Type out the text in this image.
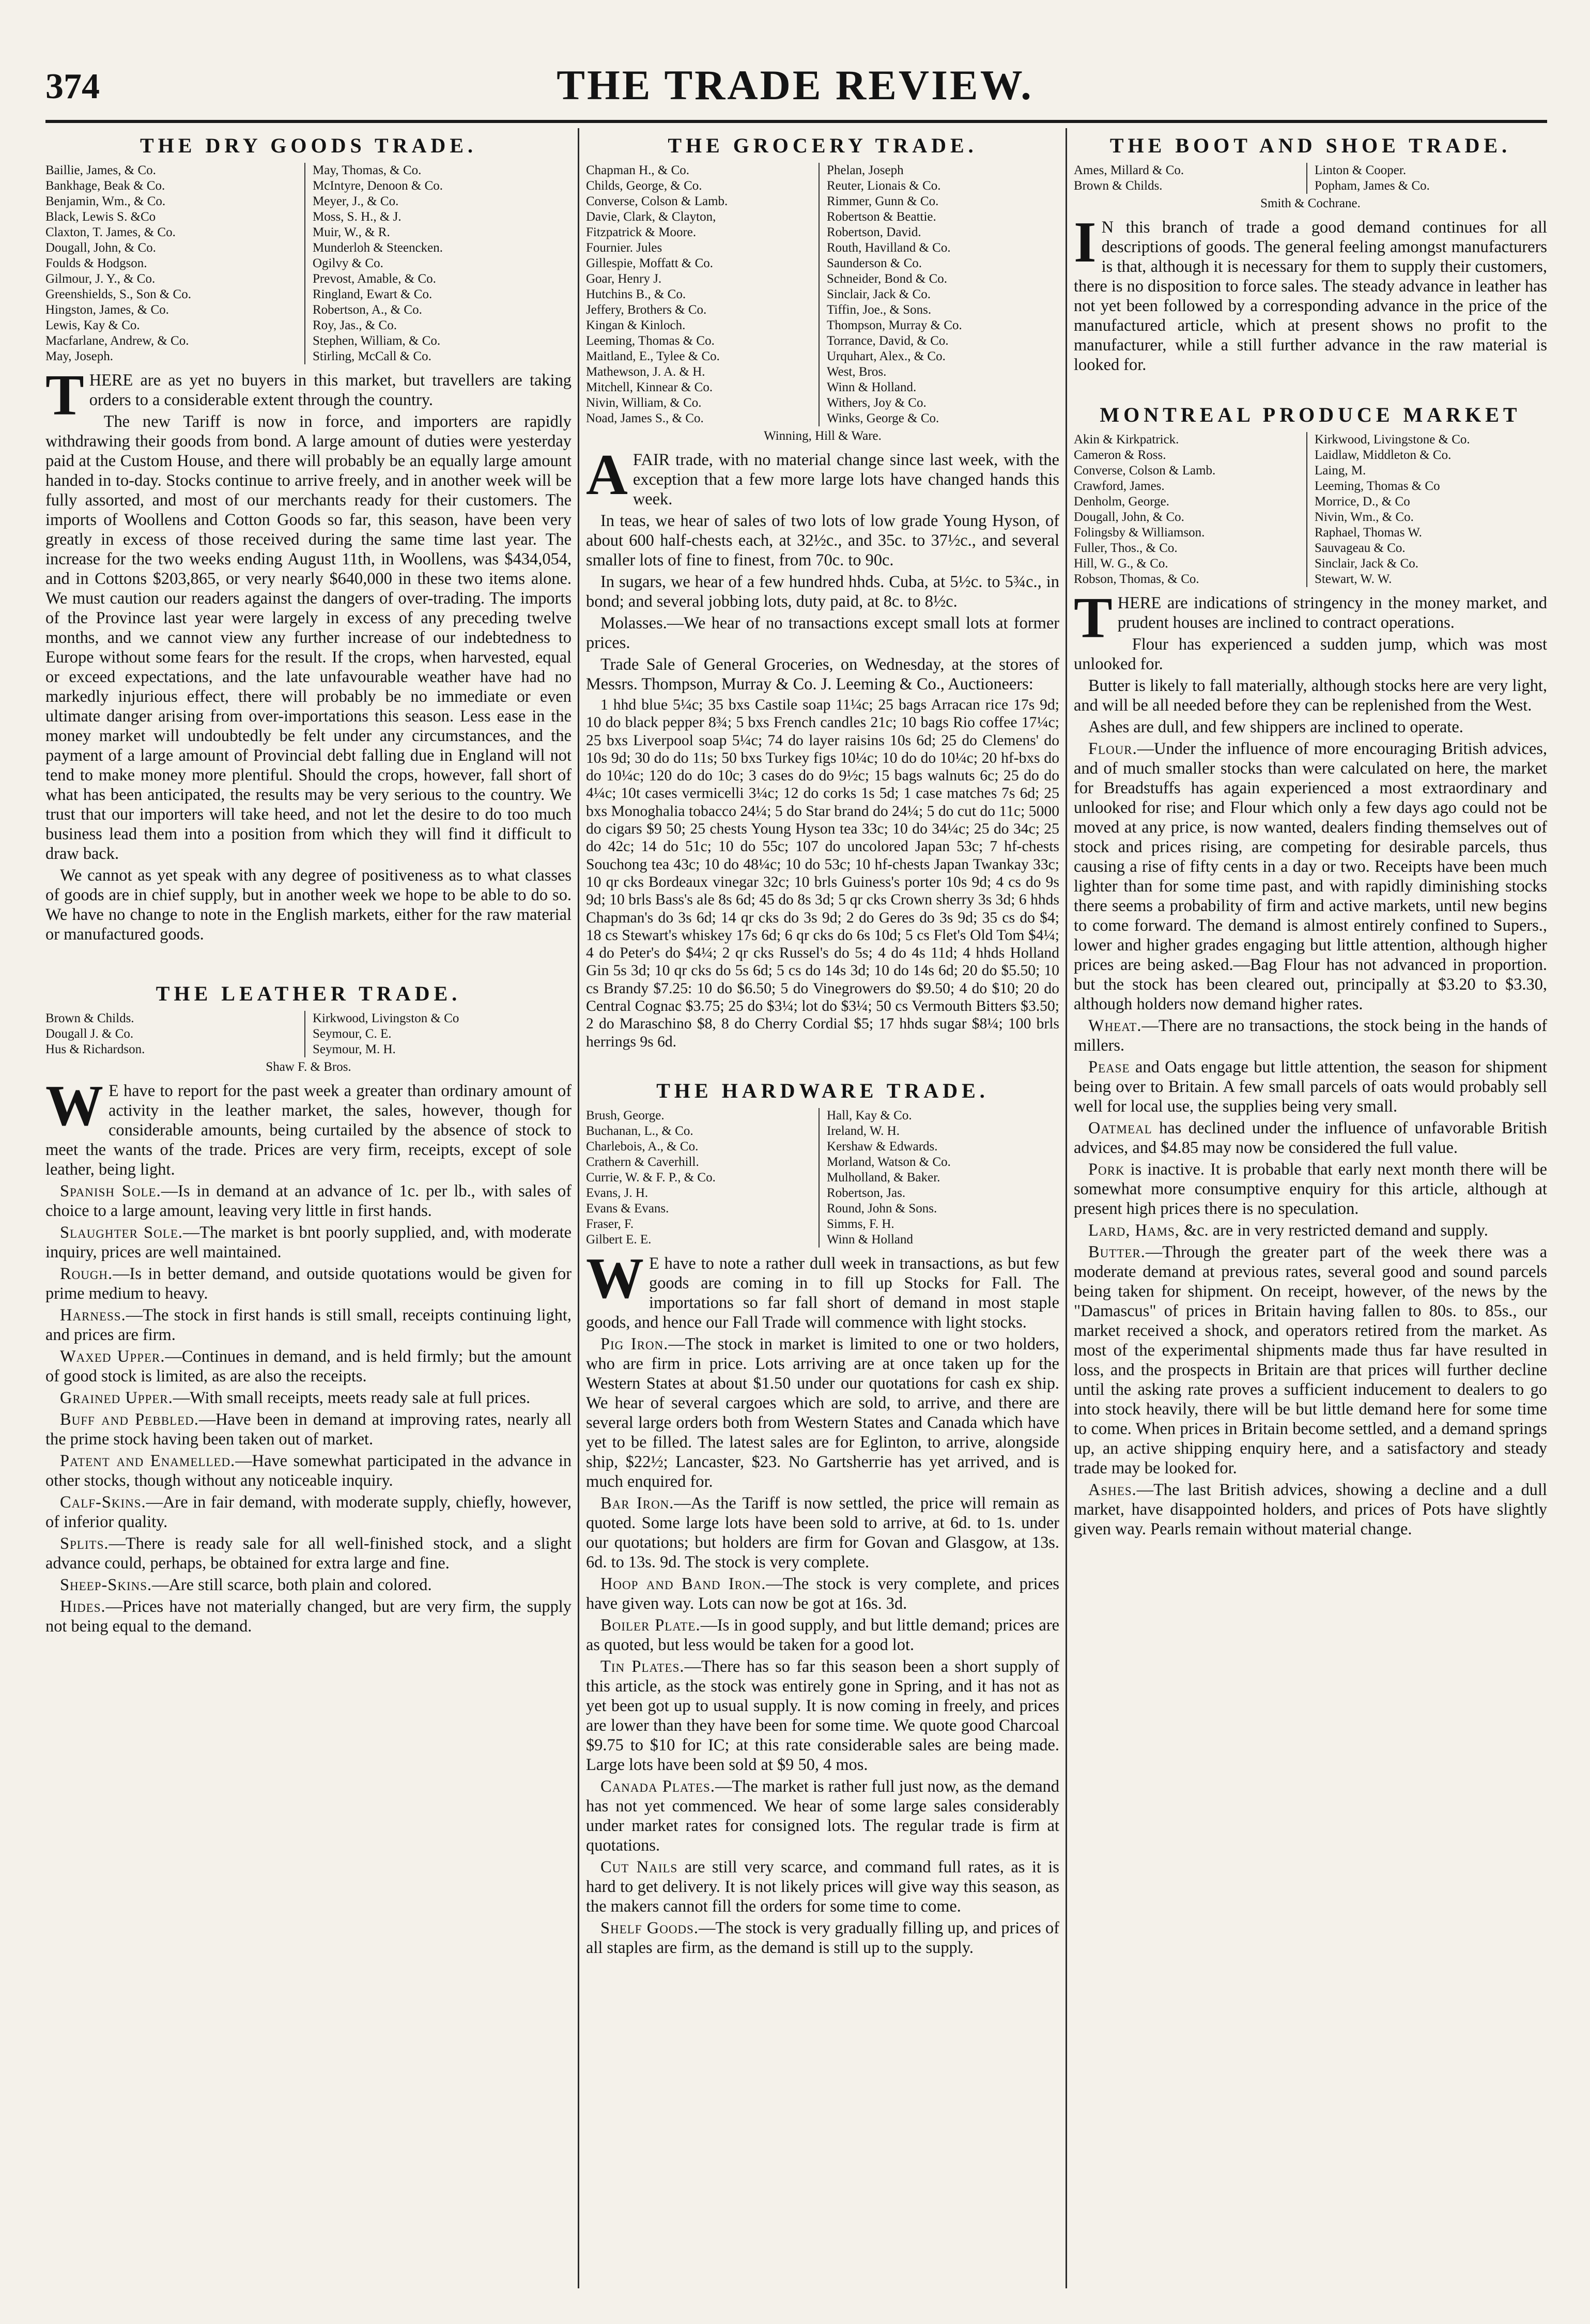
374	THE TRADE REVIEW.
THE DRY GOODS TRADE.
Baillie, James, & Co.
Bankhage, Beak & Co.
Benjamin, Wm., & Co.
Black, Lewis S. &Co
Claxton, T. James, & Co.
Dougall, John, & Co.
Foulds & Hodgson.
Gilmour, J. Y., & Co.
Greenshields, S., Son & Co.
Hingston, James, & Co.
Lewis, Kay & Co.
Macfarlane, Andrew, & Co.
May, Joseph.
May, Thomas, & Co.
McIntyre, Denoon & Co.
Meyer, J., & Co.
Moss, S. H., & J.
Muir, W., & R.
Munderloh & Steencken.
Ogilvy & Co.
Prevost, Amable, & Co.
Ringland, Ewart & Co.
Robertson, A., & Co.
Roy, Jas., & Co.
Stephen, William, & Co.
Stirling, McCall & Co.

THERE are as yet no buyers in this market, but travellers are taking orders to a considerable extent through the country.

The new Tariff is now in force, and importers are rapidly withdrawing their goods from bond. A large amount of duties were yesterday paid at the Custom House, and there will probably be an equally large amount handed in to-day. Stocks continue to arrive freely, and in another week will be fully assorted, and most of our merchants ready for their customers. The imports of Woollens and Cotton Goods so far, this season, have been very greatly in excess of those received during the same time last year. The increase for the two weeks ending August 11th, in Woollens, was $434,054, and in Cottons $203,865, or very nearly $640,000 in these two items alone. We must caution our readers against the dangers of over-trading. The imports of the Province last year were largely in excess of any preceding twelve months, and we cannot view any further increase of our indebtedness to Europe without some fears for the result. If the crops, when harvested, equal or exceed expectations, and the late unfavourable weather have had no markedly injurious effect, there will probably be no immediate or even ultimate danger arising from over-importations this season. Less ease in the money market will undoubtedly be felt under any circumstances, and the payment of a large amount of Provincial debt falling due in England will not tend to make money more plentiful. Should the crops, however, fall short of what has been anticipated, the results may be very serious to the country. We trust that our importers will take heed, and not let the desire to do too much business lead them into a position from which they will find it difficult to draw back.

We cannot as yet speak with any degree of positiveness as to what classes of goods are in chief supply, but in another week we hope to be able to do so. We have no change to note in the English markets, either for the raw material or manufactured goods.

THE LEATHER TRADE.
Brown & Childs.
Dougall J. & Co.
Hus & Richardson.
Kirkwood, Livingston & Co
Seymour, C. E.
Seymour, M. H.
Shaw F. & Bros.

W E have to report for the past week a greater than ordinary amount of activity in the leather market, the sales, however, though for considerable amounts, being curtailed by the absence of stock to meet the wants of the trade. Prices are very firm, receipts, except of sole leather, being light.

Spanish Sole.—Is in demand at an advance of 1c. per lb., with sales of choice to a large amount, leaving very little in first hands.

Slaughter Sole.—The market is bnt poorly supplied, and, with moderate inquiry, prices are well maintained.

Rough.—Is in better demand, and outside quotations would be given for prime medium to heavy.

Harness.—The stock in first hands is still small, receipts continuing light, and prices are firm.

Waxed Upper.—Continues in demand, and is held firmly; but the amount of good stock is limited, as are also the receipts.

Grained Upper.—With small receipts, meets ready sale at full prices.

Buff and Pebbled.—Have been in demand at improving rates, nearly all the prime stock having been taken out of market.

Patent and Enamelled.—Have somewhat participated in the advance in other stocks, though without any noticeable inquiry.

Calf-Skins.—Are in fair demand, with moderate supply, chiefly, however, of inferior quality.

Splits.—There is ready sale for all well-finished stock, and a slight advance could, perhaps, be obtained for extra large and fine.

Sheep-Skins.—Are still scarce, both plain and colored.

Hides.—Prices have not materially changed, but are very firm, the supply not being equal to the demand.

THE GROCERY TRADE.
Chapman H., & Co.
Childs, George, & Co.
Converse, Colson & Lamb.
Davie, Clark, & Clayton,
Fitzpatrick & Moore.
Fournier. Jules
Gillespie, Moffatt & Co.
Goar, Henry J.
Hutchins B., & Co.
Jeffery, Brothers & Co.
Kingan & Kinloch.
Leeming, Thomas & Co.
Maitland, E., Tylee & Co.
Mathewson, J. A. & H.
Mitchell, Kinnear & Co.
Nivin, William, & Co.
Noad, James S., & Co.
Phelan, Joseph
Reuter, Lionais & Co.
Rimmer, Gunn & Co.
Robertson & Beattie.
Robertson, David.
Routh, Havilland & Co.
Saunderson & Co.
Schneider, Bond & Co.
Sinclair, Jack & Co.
Tiffin, Joe., & Sons.
Thompson, Murray & Co.
Torrance, David, & Co.
Urquhart, Alex., & Co.
West, Bros.
Winn & Holland.
Withers, Joy & Co.
Winks, George & Co.
Winning, Hill & Ware.

AFAIR trade, with no material change since last week, with the exception that a few more large lots have changed hands this week.

In teas, we hear of sales of two lots of low grade Young Hyson, of about 600 half-chests each, at 32½c., and 35c. to 37½c., and several smaller lots of fine to finest, from 70c. to 90c.

In sugars, we hear of a few hundred hhds. Cuba, at 5½c. to 5¾c., in bond; and several jobbing lots, duty paid, at 8c. to 8½c.

Molasses.—We hear of no transactions except small lots at former prices.

Trade Sale of General Groceries, on Wednesday, at the stores of Messrs. Thompson, Murray & Co. J. Leeming & Co., Auctioneers:

1 hhd blue 5¼c; 35 bxs Castile soap 11¼c; 25 bags Arracan rice 17s 9d; 10 do black pepper 8¾; 5 bxs French candles 21c; 10 bags Rio coffee 17¼c; 25 bxs Liverpool soap 5¼c; 74 do layer raisins 10s 6d; 25 do Clemens' do 10s 9d; 30 do do 11s; 50 bxs Turkey figs 10¼c; 10 do do 10¼c; 20 hf-bxs do do 10¼c; 120 do do 10c; 3 cases do do 9½c; 15 bags walnuts 6c; 25 do do 4¼c; 10t cases vermicelli 3¼c; 12 do corks 1s 5d; 1 case matches 7s 6d; 25 bxs Monoghalia tobacco 24¼; 5 do Star brand do 24¼; 5 do cut do 11c; 5000 do cigars $9 50; 25 chests Young Hyson tea 33c; 10 do 34¼c; 25 do 34c; 25 do 42c; 14 do 51c; 10 do 55c; 107 do uncolored Japan 53c; 7 hf-chests Souchong tea 43c; 10 do 48¼c; 10 do 53c; 10 hf-chests Japan Twankay 33c; 10 qr cks Bordeaux vinegar 32c; 10 brls Guiness's porter 10s 9d; 4 cs do 9s 9d; 10 brls Bass's ale 8s 6d; 45 do 8s 3d; 5 qr cks Crown sherry 3s 3d; 6 hhds Chapman's do 3s 6d; 14 qr cks do 3s 9d; 2 do Geres do 3s 9d; 35 cs do $4; 18 cs Stewart's whiskey 17s 6d; 6 qr cks do 6s 10d; 5 cs Flet's Old Tom $4¼; 4 do Peter's do $4¼; 2 qr cks Russel's do 5s; 4 do 4s 11d; 4 hhds Holland Gin 5s 3d; 10 qr cks do 5s 6d; 5 cs do 14s 3d; 10 do 14s 6d; 20 do $5.50; 10 cs Brandy $7.25: 10 do $6.50; 5 do Vinegrowers do $9.50; 4 do $10; 20 do Central Cognac $3.75; 25 do $3¼; lot do $3¼; 50 cs Vermouth Bitters $3.50; 2 do Maraschino $8, 8 do Cherry Cordial $5; 17 hhds sugar $8¼; 100 brls herrings 9s 6d.

THE HARDWARE TRADE.
Brush, George.
Buchanan, L., & Co.
Charlebois, A., & Co.
Crathern & Caverhill.
Currie, W. & F. P., & Co.
Evans, J. H.
Evans & Evans.
Fraser, F.
Gilbert E. E.
Hall, Kay & Co.
Ireland, W. H.
Kershaw & Edwards.
Morland, Watson & Co.
Mulholland, & Baker.
Robertson, Jas.
Round, John & Sons.
Simms, F. H.
Winn & Holland

W E have to note a rather dull week in transactions, as but few goods are coming in to fill up Stocks for Fall. The importations so far fall short of demand in most staple goods, and hence our Fall Trade will commence with light stocks.

Pig Iron.—The stock in market is limited to one or two holders, who are firm in price. Lots arriving are at once taken up for the Western States at about $1.50 under our quotations for cash ex ship. We hear of several cargoes which are sold, to arrive, and there are several large orders both from Western States and Canada which have yet to be filled. The latest sales are for Eglinton, to arrive, alongside ship, $22½; Lancaster, $23. No Gartsherrie has yet arrived, and is much enquired for.

Bar Iron.—As the Tariff is now settled, the price will remain as quoted. Some large lots have been sold to arrive, at 6d. to 1s. under our quotations; but holders are firm for Govan and Glasgow, at 13s. 6d. to 13s. 9d. The stock is very complete.

Hoop and Band Iron.—The stock is very complete, and prices have given way. Lots can now be got at 16s. 3d.

Boiler Plate.—Is in good supply, and but little demand; prices are as quoted, but less would be taken for a good lot.

Tin Plates.—There has so far this season been a short supply of this article, as the stock was entirely gone in Spring, and it has not as yet been got up to usual supply. It is now coming in freely, and prices are lower than they have been for some time. We quote good Charcoal $9.75 to $10 for IC; at this rate considerable sales are being made. Large lots have been sold at $9 50, 4 mos.

Canada Plates.—The market is rather full just now, as the demand has not yet commenced. We hear of some large sales considerably under market rates for consigned lots. The regular trade is firm at quotations.

Cut Nails are still very scarce, and command full rates, as it is hard to get delivery. It is not likely prices will give way this season, as the makers cannot fill the orders for some time to come.

Shelf Goods.—The stock is very gradually filling up, and prices of all staples are firm, as the demand is still up to the supply.

THE BOOT AND SHOE TRADE.
Ames, Millard & Co.
Brown & Childs.
Linton & Cooper.
Popham, James & Co.
Smith & Cochrane.

I N this branch of trade a good demand continues for all descriptions of goods. The general feeling amongst manufacturers is that, although it is necessary for them to supply their customers, there is no disposition to force sales. The steady advance in leather has not yet been followed by a corresponding advance in the price of the manufactured article, which at present shows no profit to the manufacturer, while a still further advance in the raw material is looked for.

MONTREAL PRODUCE MARKET
Akin & Kirkpatrick.
Cameron & Ross.
Converse, Colson & Lamb.
Crawford, James.
Denholm, George.
Dougall, John, & Co.
Folingsby & Williamson.
Fuller, Thos., & Co.
Hill, W. G., & Co.
Robson, Thomas, & Co.
Kirkwood, Livingstone & Co.
Laidlaw, Middleton & Co.
Laing, M.
Leeming, Thomas & Co
Morrice, D., & Co
Nivin, Wm., & Co.
Raphael, Thomas W.
Sauvageau & Co.
Sinclair, Jack & Co.
Stewart, W. W.

THERE are indications of stringency in the money market, and prudent houses are inclined to contract operations.

Flour has experienced a sudden jump, which was most unlooked for.

Butter is likely to fall materially, although stocks here are very light, and will be all needed before they can be replenished from the West.

Ashes are dull, and few shippers are inclined to operate.

Flour.—Under the influence of more encouraging British advices, and of much smaller stocks than were calculated on here, the market for Breadstuffs has again experienced a most extraordinary and unlooked for rise; and Flour which only a few days ago could not be moved at any price, is now wanted, dealers finding themselves out of stock and prices rising, are competing for desirable parcels, thus causing a rise of fifty cents in a day or two. Receipts have been much lighter than for some time past, and with rapidly diminishing stocks there seems a probability of firm and active markets, until new begins to come forward. The demand is almost entirely confined to Supers., lower and higher grades engaging but little attention, although higher prices are being asked.—Bag Flour has not advanced in proportion. but the stock has been cleared out, principally at $3.20 to $3.30, although holders now demand higher rates.

Wheat.—There are no transactions, the stock being in the hands of millers.

Pease and Oats engage but little attention, the season for shipment being over to Britain. A few small parcels of oats would probably sell well for local use, the supplies being very small.

Oatmeal has declined under the influence of unfavorable British advices, and $4.85 may now be considered the full value.

Pork is inactive. It is probable that early next month there will be somewhat more consumptive enquiry for this article, although at present high prices there is no speculation.

Lard, Hams, &c. are in very restricted demand and supply.

Butter.—Through the greater part of the week there was a moderate demand at previous rates, several good and sound parcels being taken for shipment. On receipt, however, of the news by the "Damascus" of prices in Britain having fallen to 80s. to 85s., our market received a shock, and operators retired from the market. As most of the experimental shipments made thus far have resulted in loss, and the prospects in Britain are that prices will further decline until the asking rate proves a sufficient inducement to dealers to go into stock heavily, there will be but little demand here for some time to come. When prices in Britain become settled, and a demand springs up, an active shipping enquiry here, and a satisfactory and steady trade may be looked for.

Ashes.—The last British advices, showing a decline and a dull market, have disappointed holders, and prices of Pots have slightly given way. Pearls remain without material change.
